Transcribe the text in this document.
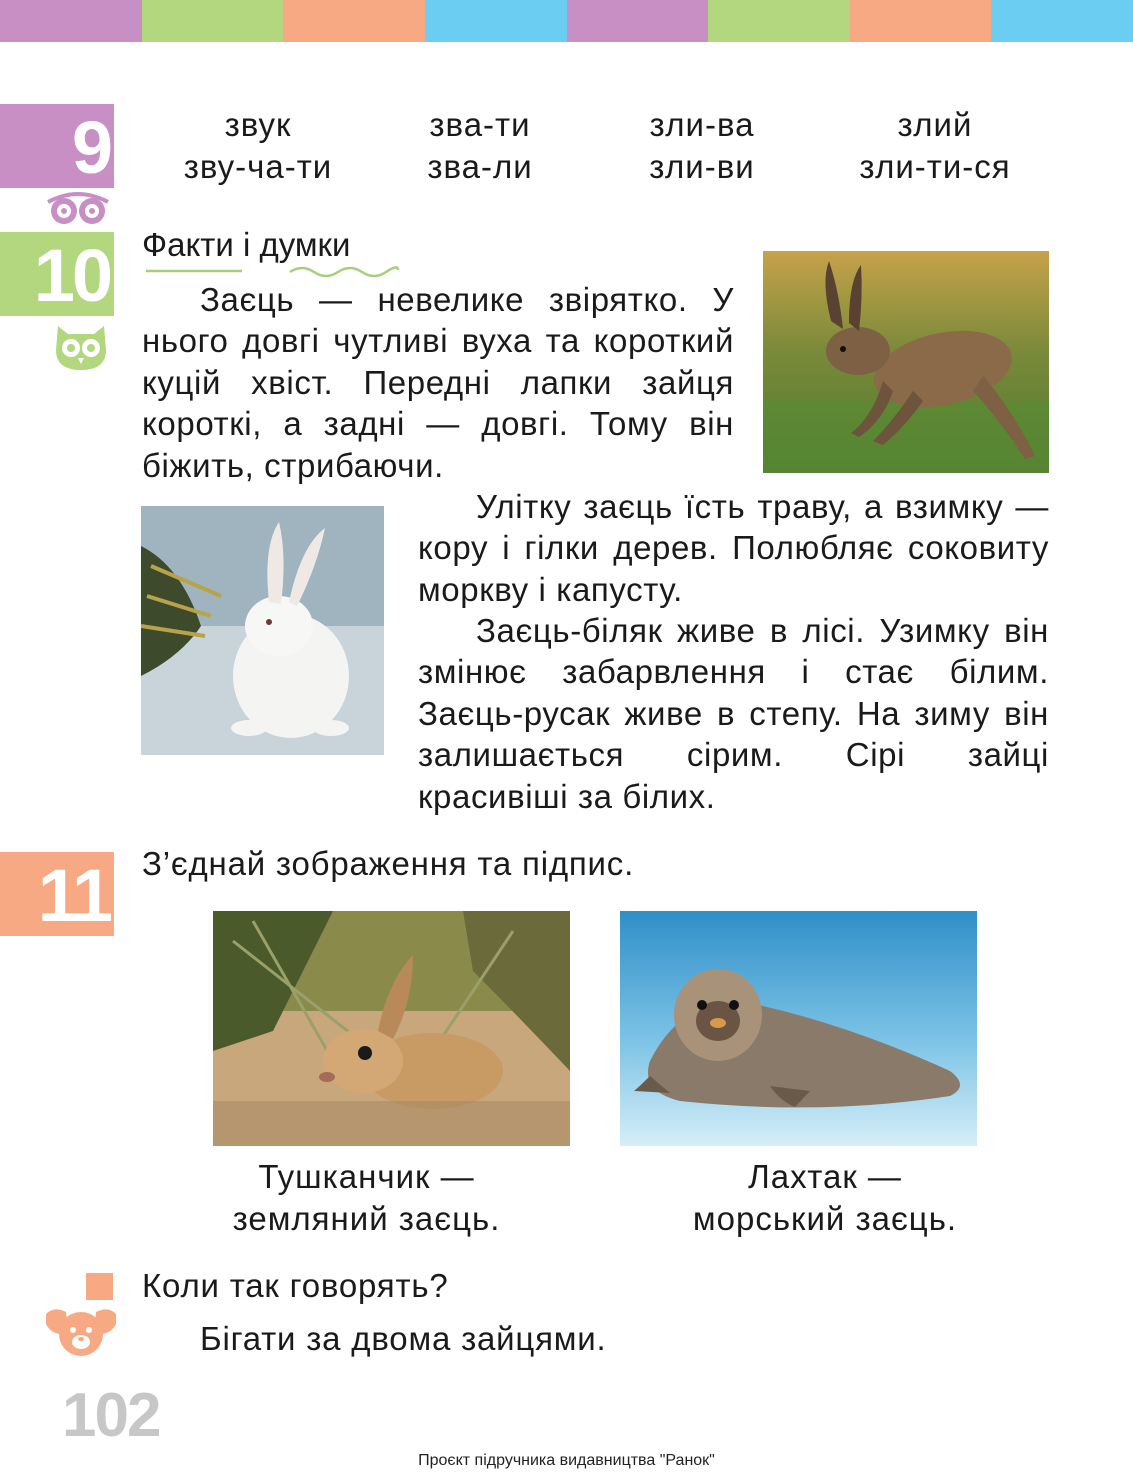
9	звук
зву-ча-ти
зва-ти
зва-ли
зли-ва
зли-ви
злий
зли-ти-ся
10 Факти і думки
Заєць — невелике звірятко. У нього довгі чутливі вуха та короткий куцій хвіст. Передні лапки зайця короткі, а задні — довгі. Тому він біжить, стрибаючи.
Улітку заєць їсть траву, а взимку — кору і гілки дерев. Полюбляє соковиту моркву і капусту.
Заєць-біляк живе в лісі. Узимку він змінює забарвлення і стає білим. Заєць-русак живе в степу. На зиму він залишається сірим. Сірі зайці красивіші за білих.
11 З’єднай зображення та підпис.
Тушканчик —
земляний заєць.
Лахтак —
морський заєць.
Коли так говорять?
Бігати за двома зайцями.
102
Проєкт підручника видавництва "Ранок"
